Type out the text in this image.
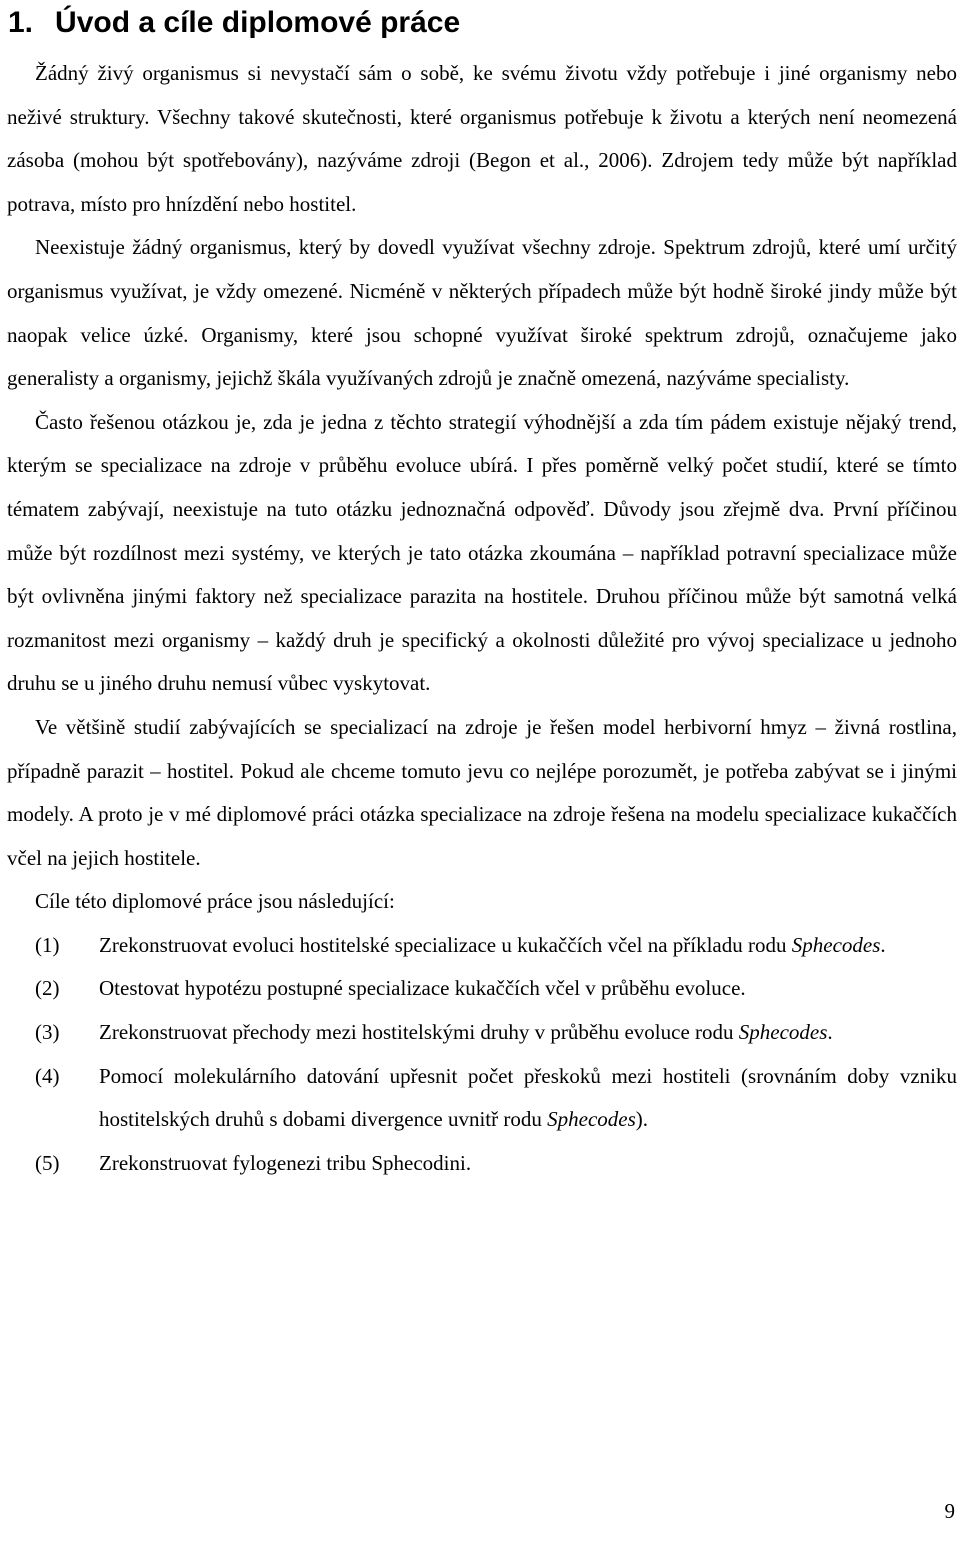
1. Úvod a cíle diplomové práce

Žádný živý organismus si nevystačí sám o sobě, ke svému životu vždy potřebuje i jiné organismy nebo neživé struktury. Všechny takové skutečnosti, které organismus potřebuje k životu a kterých není neomezená zásoba (mohou být spotřebovány), nazýváme zdroji (Begon et al., 2006). Zdrojem tedy může být například potrava, místo pro hnízdění nebo hostitel.

Neexistuje žádný organismus, který by dovedl využívat všechny zdroje. Spektrum zdrojů, které umí určitý organismus využívat, je vždy omezené. Nicméně v některých případech může být hodně široké jindy může být naopak velice úzké. Organismy, které jsou schopné využívat široké spektrum zdrojů, označujeme jako generalisty a organismy, jejichž škála využívaných zdrojů je značně omezená, nazýváme specialisty.

Často řešenou otázkou je, zda je jedna z těchto strategií výhodnější a zda tím pádem existuje nějaký trend, kterým se specializace na zdroje v průběhu evoluce ubírá. I přes poměrně velký počet studií, které se tímto tématem zabývají, neexistuje na tuto otázku jednoznačná odpověď. Důvody jsou zřejmě dva. První příčinou může být rozdílnost mezi systémy, ve kterých je tato otázka zkoumána – například potravní specializace může být ovlivněna jinými faktory než specializace parazita na hostitele. Druhou příčinou může být samotná velká rozmanitost mezi organismy – každý druh je specifický a okolnosti důležité pro vývoj specializace u jednoho druhu se u jiného druhu nemusí vůbec vyskytovat.

Ve většině studií zabývajících se specializací na zdroje je řešen model herbivorní hmyz – živná rostlina, případně parazit – hostitel. Pokud ale chceme tomuto jevu co nejlépe porozumět, je potřeba zabývat se i jinými modely. A proto je v mé diplomové práci otázka specializace na zdroje řešena na modelu specializace kukaččích včel na jejich hostitele.

Cíle této diplomové práce jsou následující:
(1)	Zrekonstruovat evoluci hostitelské specializace u kukaččích včel na příkladu rodu Sphecodes.
(2)	Otestovat hypotézu postupné specializace kukaččích včel v průběhu evoluce.
(3)	Zrekonstruovat přechody mezi hostitelskými druhy v průběhu evoluce rodu Sphecodes.
(4)	Pomocí molekulárního datování upřesnit počet přeskoků mezi hostiteli (srovnáním doby vzniku hostitelských druhů s dobami divergence uvnitř rodu Sphecodes).
(5)	Zrekonstruovat fylogenezi tribu Sphecodini.
9
